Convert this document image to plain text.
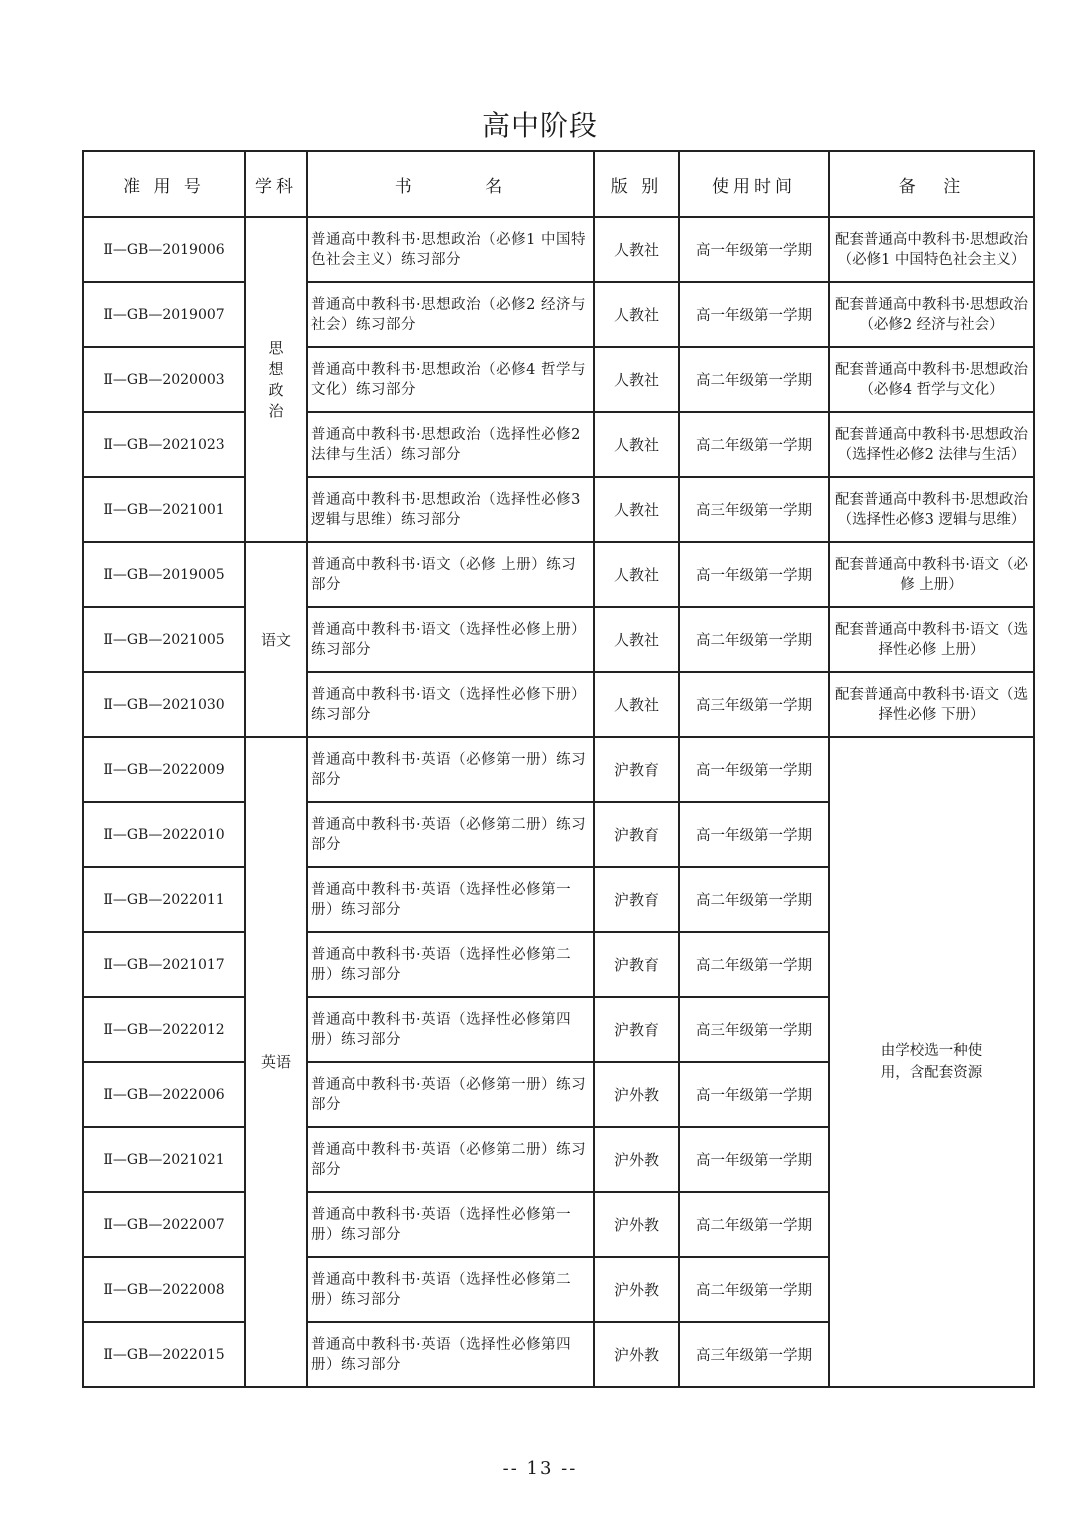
高中阶段
准 用 号	学科	书 名	版 别	使用时间	备 注
Ⅱ—GB—2019006	思想政治	普通高中教科书·思想政治（必修1 中国特色社会主义）练习部分	人教社	高一年级第一学期	配套普通高中教科书·思想政治（必修1 中国特色社会主义）
Ⅱ—GB—2019007		普通高中教科书·思想政治（必修2 经济与社会）练习部分	人教社	高一年级第一学期	配套普通高中教科书·思想政治（必修2 经济与社会）
Ⅱ—GB—2020003		普通高中教科书·思想政治（必修4 哲学与文化）练习部分	人教社	高二年级第一学期	配套普通高中教科书·思想政治（必修4 哲学与文化）
Ⅱ—GB—2021023		普通高中教科书·思想政治（选择性必修2 法律与生活）练习部分	人教社	高二年级第一学期	配套普通高中教科书·思想政治（选择性必修2 法律与生活）
Ⅱ—GB—2021001		普通高中教科书·思想政治（选择性必修3 逻辑与思维）练习部分	人教社	高三年级第一学期	配套普通高中教科书·思想政治（选择性必修3 逻辑与思维）
Ⅱ—GB—2019005	语文	普通高中教科书·语文（必修 上册）练习部分	人教社	高一年级第一学期	配套普通高中教科书·语文（必修 上册）
Ⅱ—GB—2021005		普通高中教科书·语文（选择性必修上册）练习部分	人教社	高二年级第一学期	配套普通高中教科书·语文（选择性必修 上册）
Ⅱ—GB—2021030		普通高中教科书·语文（选择性必修下册）练习部分	人教社	高三年级第一学期	配套普通高中教科书·语文（选择性必修 下册）
Ⅱ—GB—2022009	英语	普通高中教科书·英语（必修第一册）练习部分	沪教育	高一年级第一学期	由学校选一种使用，含配套资源
Ⅱ—GB—2022010		普通高中教科书·英语（必修第二册）练习部分	沪教育	高一年级第一学期	
Ⅱ—GB—2022011		普通高中教科书·英语（选择性必修第一册）练习部分	沪教育	高二年级第一学期	
Ⅱ—GB—2021017		普通高中教科书·英语（选择性必修第二册）练习部分	沪教育	高二年级第一学期	
Ⅱ—GB—2022012		普通高中教科书·英语（选择性必修第四册）练习部分	沪教育	高三年级第一学期	
Ⅱ—GB—2022006		普通高中教科书·英语（必修第一册）练习部分	沪外教	高一年级第一学期	
Ⅱ—GB—2021021		普通高中教科书·英语（必修第二册）练习部分	沪外教	高一年级第一学期	
Ⅱ—GB—2022007		普通高中教科书·英语（选择性必修第一册）练习部分	沪外教	高二年级第一学期	
Ⅱ—GB—2022008		普通高中教科书·英语（选择性必修第二册）练习部分	沪外教	高二年级第一学期	
Ⅱ—GB—2022015		普通高中教科书·英语（选择性必修第四册）练习部分	沪外教	高三年级第一学期	
-- 13 --
